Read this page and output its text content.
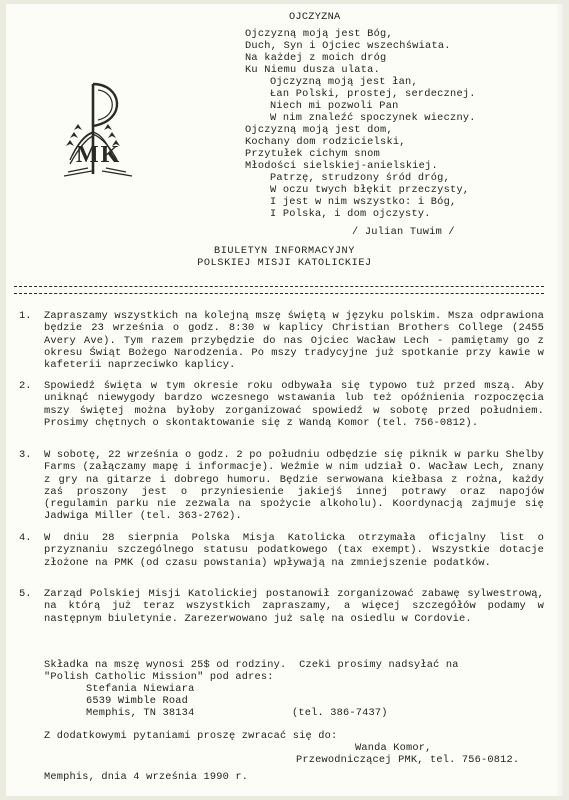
MK
OJCZYZNA
Ojczyzną moją jest Bóg,
Duch, Syn i Ojciec wszechświata.
Na każdej z moich dróg
Ku Niemu dusza ulata.
Ojczyzną moją jest łan,
Łan Polski, prostej, serdecznej.
Niech mi pozwoli Pan
W nim znaleźć spoczynek wieczny.
Ojczyzną moją jest dom,
Kochany dom rodzicielski,
Przytułek cichym snom
Młodości sielskiej-anielskiej.
Patrzę, strudzony śród dróg,
W oczu twych błękit przeczysty,
I jest w nim wszystko: i Bóg,
I Polska, i dom ojczysty.
/ Julian Tuwim /
BIULETYN INFORMACYJNY
POLSKIEJ MISJI KATOLICKIEJ
1. Zapraszamy wszystkich na kolejną mszę świętą w języku polskim. Msza odprawiona będzie 23 września o godz. 8:30 w kaplicy Christian Brothers College (2455 Avery Ave). Tym razem przybędzie do nas Ojciec Wacław Lech - pamiętamy go z okresu Świąt Bożego Narodzenia. Po mszy tradycyjne już spotkanie przy kawie w kafeterii naprzeciwko kaplicy.
2. Spowiedź święta w tym okresie roku odbywała się typowo tuż przed mszą. Aby uniknąć niewygody bardzo wczesnego wstawania lub też opóźnienia rozpoczęcia mszy świętej można byłoby zorganizować spowiedź w sobotę przed południem. Prosimy chętnych o skontaktowanie się z Wandą Komor (tel. 756-0812).
3. W sobotę, 22 września o godz. 2 po południu odbędzie się piknik w parku Shelby Farms (załączamy mapę i informacje). Weźmie w nim udział O. Wacław Lech, znany z gry na gitarze i dobrego humoru. Będzie serwowana kiełbasa z rożna, każdy zaś proszony jest o przyniesienie jakiejś innej potrawy oraz napojów (regulamin parku nie zezwala na spożycie alkoholu). Koordynacją zajmuje się Jadwiga Miller (tel. 363-2762).
4. W dniu 28 sierpnia Polska Misja Katolicka otrzymała oficjalny list o przyznaniu szczególnego statusu podatkowego (tax exempt). Wszystkie dotacje złożone na PMK (od czasu powstania) wpływają na zmniejszenie podatków.
5. Zarząd Polskiej Misji Katolickiej postanowił zorganizować zabawę sylwestrową, na którą już teraz wszystkich zapraszamy, a więcej szczegółów podamy w następnym biuletynie. Zarezerwowano już salę na osiedlu w Cordovie.
Składka na mszę wynosi 25$ od rodziny.  Czeki prosimy nadsyłać na
"Polish Catholic Mission" pod adres:
Stefania Niewiara
6539 Wimble Road
Memphis, TN 38134	(tel. 386-7437)
Z dodatkowymi pytaniami proszę zwracać się do:
Wanda Komor,
Przewodniczącej PMK, tel. 756-0812.
Memphis, dnia 4 września 1990 r.
